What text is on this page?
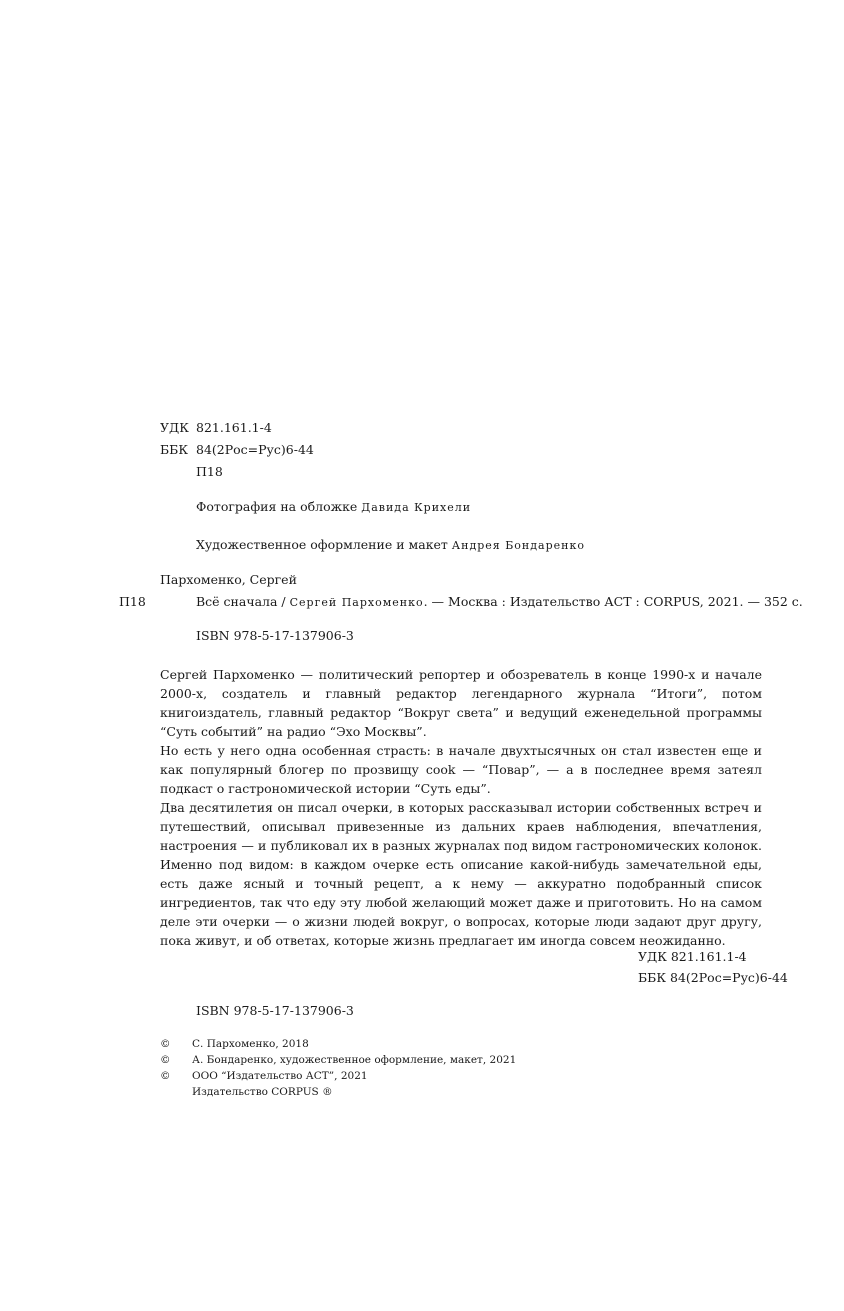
УДК 821.161.1-4
ББК 84(2Рос=Рус)6-44
П18
Фотография на обложке Давида Крихели
Художественное оформление и макет Андрея Бондаренко
Пархоменко, Сергей
П18	Всё сначала / Сергей Пархоменко. — Москва : Издательство АСТ : CORPUS, 2021. — 352 с.
ISBN 978-5-17-137906-3

Сергей Пархоменко — политический репортер и обозреватель в конце 1990-х и начале 2000-х, создатель и главный редактор легендарного журнала “Итоги”, потом книгоиздатель, главный редактор “Вокруг света” и ведущий еженедельной программы “Суть событий” на радио “Эхо Москвы”.

Но есть у него одна особенная страсть: в начале двухтысячных он стал известен еще и как популярный блогер по прозвищу cook — “Повар”, — а в последнее время затеял подкаст о гастрономической истории “Суть еды”.

Два десятилетия он писал очерки, в которых рассказывал истории собственных встреч и путешествий, описывал привезенные из дальних краев наблюдения, впечатления, настроения — и публиковал их в разных журналах под видом гастрономических колонок. Именно под видом: в каждом очерке есть описание какой-нибудь замечательной еды, есть даже ясный и точный рецепт, а к нему — аккуратно подобранный список ингредиентов, так что еду эту любой желающий может даже и приготовить. Но на самом деле эти очерки — о жизни людей вокруг, о вопросах, которые люди задают друг другу, пока живут, и об ответах, которые жизнь предлагает им иногда совсем неожиданно.

УДК 821.161.1-4
ББК 84(2Рос=Рус)6-44
ISBN 978-5-17-137906-3
© С. Пархоменко, 2018
© А. Бондаренко, художественное оформление, макет, 2021
© ООО “Издательство АСТ”, 2021
Издательство CORPUS ®
